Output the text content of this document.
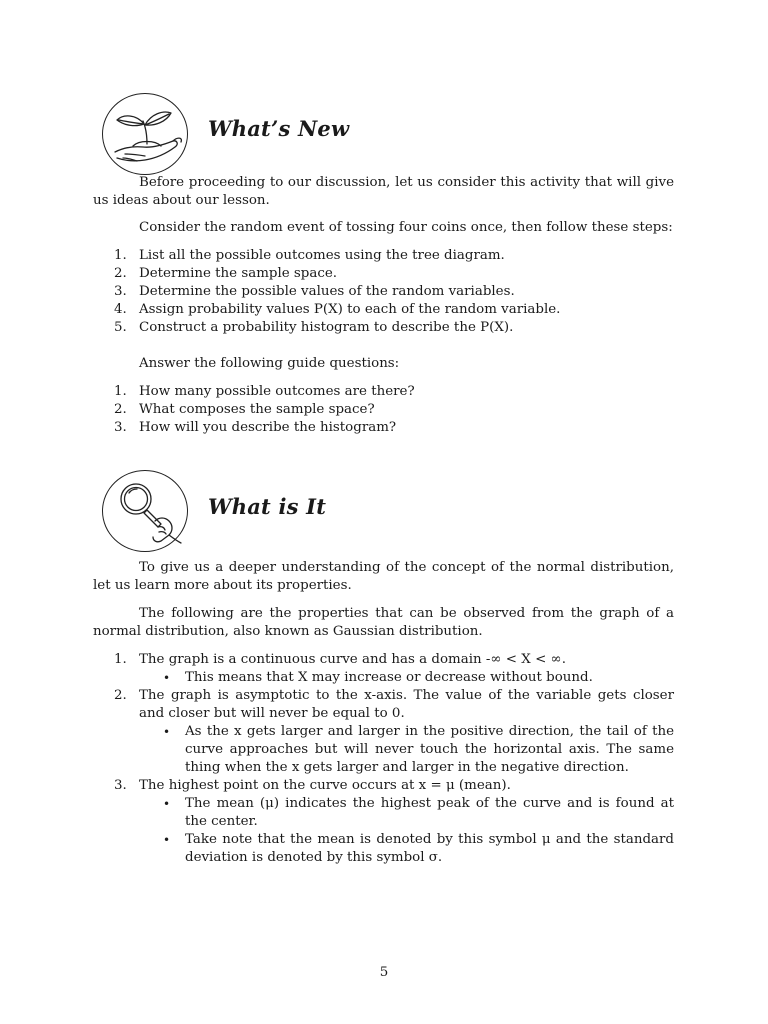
What’s New

Before proceeding to our discussion, let us consider this activity that will give us ideas about our lesson.

Consider the random event of tossing four coins once, then follow these steps:

1. List all the possible outcomes using the tree diagram.
2. Determine the sample space.
3. Determine the possible values of the random variables.
4. Assign probability values P(X) to each of the random variable.
5. Construct a probability histogram to describe the P(X).

Answer the following guide questions:

1. How many possible outcomes are there?
2. What composes the sample space?
3. How will you describe the histogram?
What is It

To give us a deeper understanding of the concept of the normal distribution, let us learn more about its properties.

The following are the properties that can be observed from the graph of a normal distribution, also known as Gaussian distribution.

1. The graph is a continuous curve and has a domain -∞ < X < ∞.
• This means that X may increase or decrease without bound.
2. The graph is asymptotic to the x-axis. The value of the variable gets closer and closer but will never be equal to 0.
• As the x gets larger and larger in the positive direction, the tail of the curve approaches but will never touch the horizontal axis. The same thing when the x gets larger and larger in the negative direction.
3. The highest point on the curve occurs at x = μ (mean).
• The mean (μ) indicates the highest peak of the curve and is found at the center.
• Take note that the mean is denoted by this symbol μ and the standard deviation is denoted by this symbol σ.
5
